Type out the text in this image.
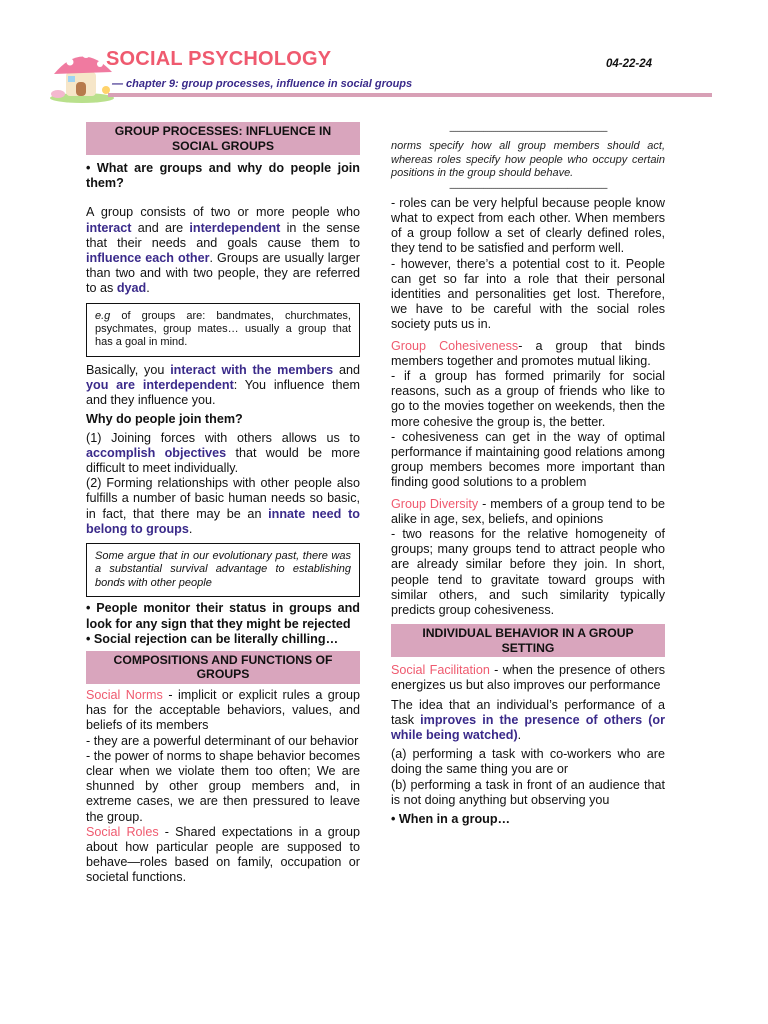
SOCIAL PSYCHOLOGY
— chapter 9: group processes, influence in social groups
04-22-24
GROUP PROCESSES: INFLUENCE IN SOCIAL GROUPS

• What are groups and why do people join them?

A group consists of two or more people who interact and are interdependent in the sense that their needs and goals cause them to influence each other. Groups are usually larger than two and with two people, they are referred to as dyad.

e.g of groups are: bandmates, churchmates, psychmates, group mates… usually a group that has a goal in mind.

Basically, you interact with the members and you are interdependent: You influence them and they influence you.

Why do people join them?

(1) Joining forces with others allows us to accomplish objectives that would be more difficult to meet individually.

(2) Forming relationships with other people also fulfills a number of basic human needs so basic, in fact, that there may be an innate need to belong to groups.

Some argue that in our evolutionary past, there was a substantial survival advantage to establishing bonds with other people

• People monitor their status in groups and look for any sign that they might be rejected

• Social rejection can be literally chilling…

COMPOSITIONS AND FUNCTIONS OF GROUPS

Social Norms - implicit or explicit rules a group has for the acceptable behaviors, values, and beliefs of its members

- they are a powerful determinant of our behavior

- the power of norms to shape behavior becomes clear when we violate them too often; We are shunned by other group members and, in extreme cases, we are then pressured to leave the group.

Social Roles - Shared expectations in a group about how particular people are supposed to behave—roles based on family, occupation or societal functions.

-------------------------------------------------------------------------------

norms specify how all group members should act, whereas roles specify how people who occupy certain positions in the group should behave.

-------------------------------------------------------------------------------

- roles can be very helpful because people know what to expect from each other. When members of a group follow a set of clearly defined roles, they tend to be satisfied and perform well.

- however, there’s a potential cost to it. People can get so far into a role that their personal identities and personalities get lost. Therefore, we have to be careful with the social roles society puts us in.

Group Cohesiveness- a group that binds members together and promotes mutual liking.

- if a group has formed primarily for social reasons, such as a group of friends who like to go to the movies together on weekends, then the more cohesive the group is, the better.

- cohesiveness can get in the way of optimal performance if maintaining good relations among group members becomes more important than finding good solutions to a problem

Group Diversity - members of a group tend to be alike in age, sex, beliefs, and opinions

- two reasons for the relative homogeneity of groups; many groups tend to attract people who are already similar before they join. In short, people tend to gravitate toward groups with similar others, and such similarity typically predicts group cohesiveness.

INDIVIDUAL BEHAVIOR IN A GROUP SETTING

Social Facilitation - when the presence of others energizes us but also improves our performance

The idea that an individual’s performance of a task improves in the presence of others (or while being watched).

(a) performing a task with co-workers who are doing the same thing you are or

(b) performing a task in front of an audience that is not doing anything but observing you

• When in a group…
